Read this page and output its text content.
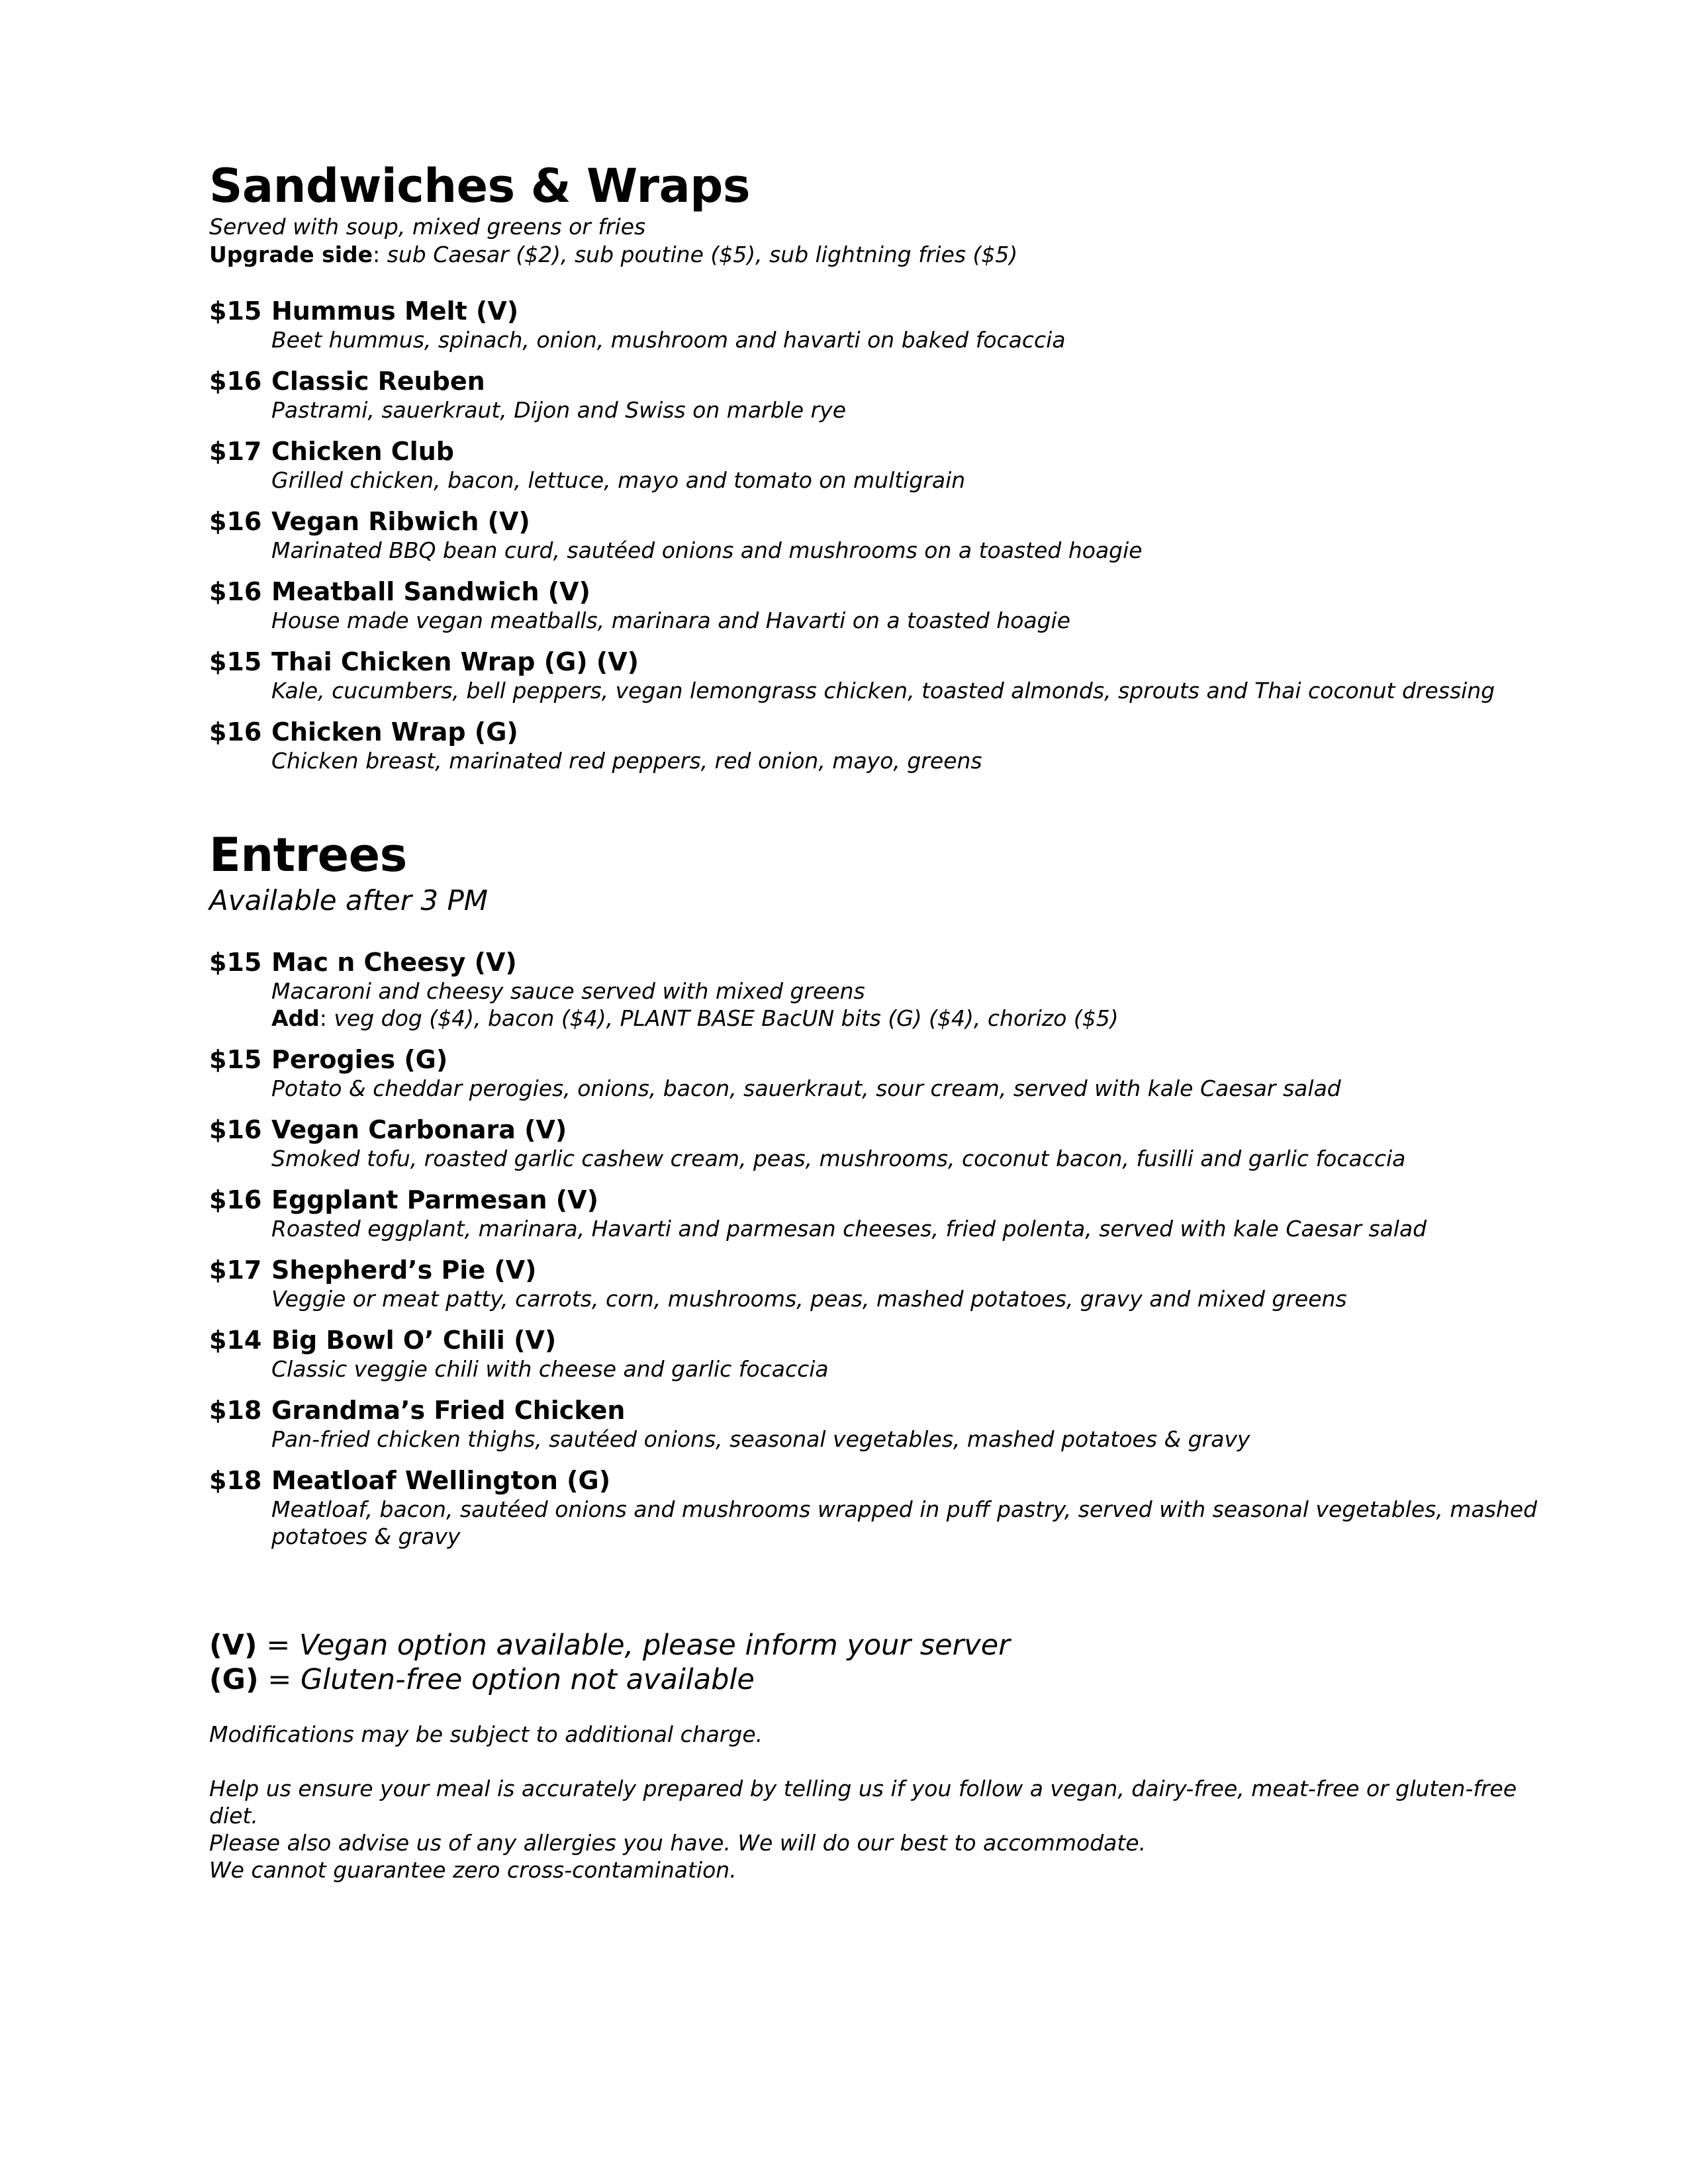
Sandwiches & Wraps

Served with soup, mixed greens or fries

Upgrade side: sub Caesar ($2), sub poutine ($5), sub lightning fries ($5)

$15 Hummus Melt (V)
Beet hummus, spinach, onion, mushroom and havarti on baked focaccia
$16 Classic Reuben
Pastrami, sauerkraut, Dijon and Swiss on marble rye
$17 Chicken Club
Grilled chicken, bacon, lettuce, mayo and tomato on multigrain
$16 Vegan Ribwich (V)
Marinated BBQ bean curd, sautéed onions and mushrooms on a toasted hoagie
$16 Meatball Sandwich (V)
House made vegan meatballs, marinara and Havarti on a toasted hoagie
$15 Thai Chicken Wrap (G) (V)
Kale, cucumbers, bell peppers, vegan lemongrass chicken, toasted almonds, sprouts and Thai coconut dressing
$16 Chicken Wrap (G)
Chicken breast, marinated red peppers, red onion, mayo, greens
Entrees

Available after 3 PM

$15 Mac n Cheesy (V)
Macaroni and cheesy sauce served with mixed greens
Add: veg dog ($4), bacon ($4), PLANT BASE BacUN bits (G) ($4), chorizo ($5)
$15 Perogies (G)
Potato & cheddar perogies, onions, bacon, sauerkraut, sour cream, served with kale Caesar salad
$16 Vegan Carbonara (V)
Smoked tofu, roasted garlic cashew cream, peas, mushrooms, coconut bacon, fusilli and garlic focaccia
$16 Eggplant Parmesan (V)
Roasted eggplant, marinara, Havarti and parmesan cheeses, fried polenta, served with kale Caesar salad
$17 Shepherd’s Pie (V)
Veggie or meat patty, carrots, corn, mushrooms, peas, mashed potatoes, gravy and mixed greens
$14 Big Bowl O’ Chili (V)
Classic veggie chili with cheese and garlic focaccia
$18 Grandma’s Fried Chicken
Pan-fried chicken thighs, sautéed onions, seasonal vegetables, mashed potatoes & gravy
$18 Meatloaf Wellington (G)
Meatloaf, bacon, sautéed onions and mushrooms wrapped in puff pastry, served with seasonal vegetables, mashed potatoes & gravy
(V) = Vegan option available, please inform your server
(G) = Gluten-free option not available

Modifications may be subject to additional charge.

Help us ensure your meal is accurately prepared by telling us if you follow a vegan, dairy-free, meat-free or gluten-free diet.

Please also advise us of any allergies you have. We will do our best to accommodate.

We cannot guarantee zero cross-contamination.
